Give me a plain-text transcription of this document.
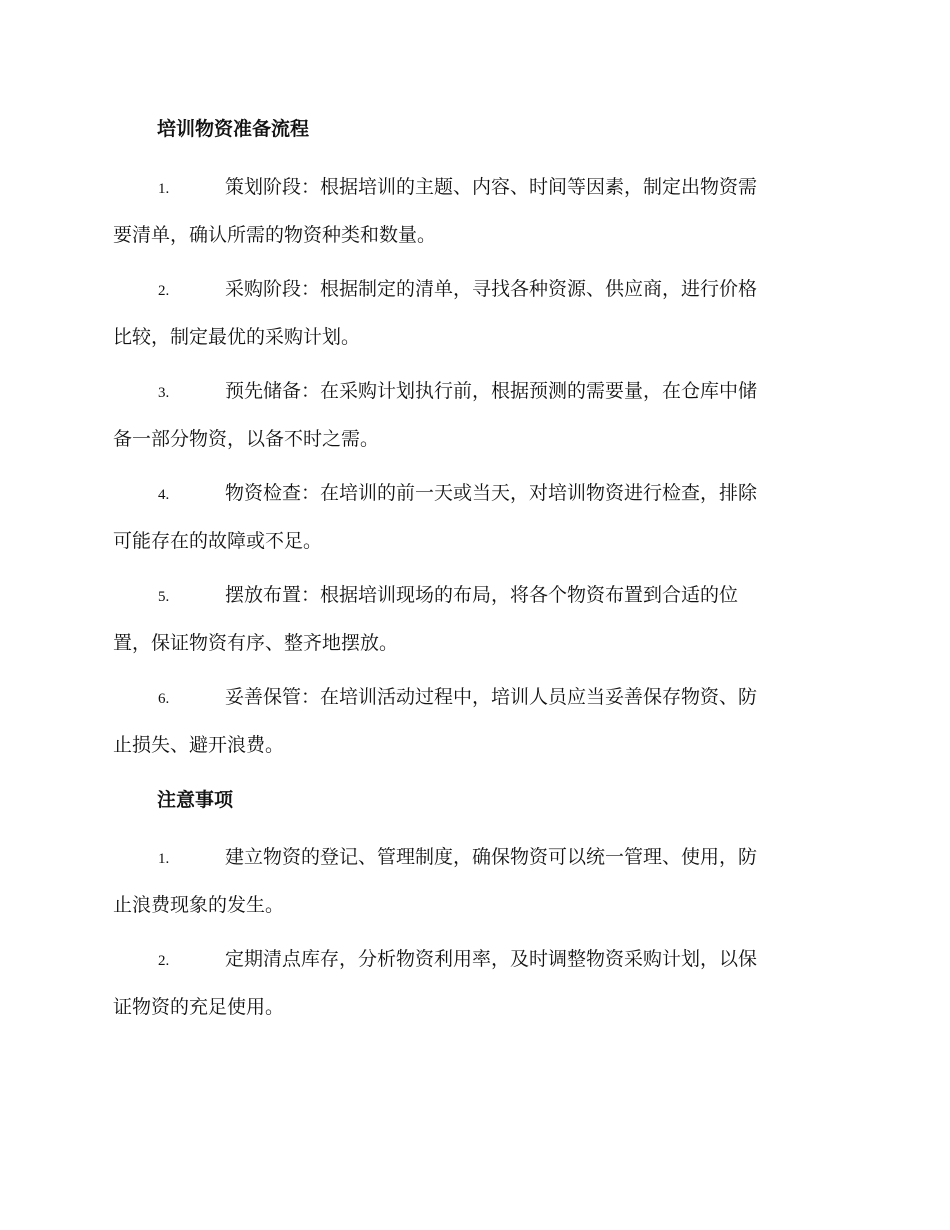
培训物资准备流程
1.	策划阶段：根据培训的主题、内容、时间等因素，制定出物资需
要清单，确认所需的物资种类和数量。
2.	采购阶段：根据制定的清单，寻找各种资源、供应商，进行价格
比较，制定最优的采购计划。
3.	预先储备：在采购计划执行前，根据预测的需要量，在仓库中储
备一部分物资，以备不时之需。
4.	物资检查：在培训的前一天或当天，对培训物资进行检查，排除
可能存在的故障或不足。
5.	摆放布置：根据培训现场的布局，将各个物资布置到合适的位
置，保证物资有序、整齐地摆放。
6.	妥善保管：在培训活动过程中，培训人员应当妥善保存物资、防
止损失、避开浪费。
注意事项
1.	建立物资的登记、管理制度，确保物资可以统一管理、使用，防
止浪费现象的发生。
2.	定期清点库存，分析物资利用率，及时调整物资采购计划，以保
证物资的充足使用。
